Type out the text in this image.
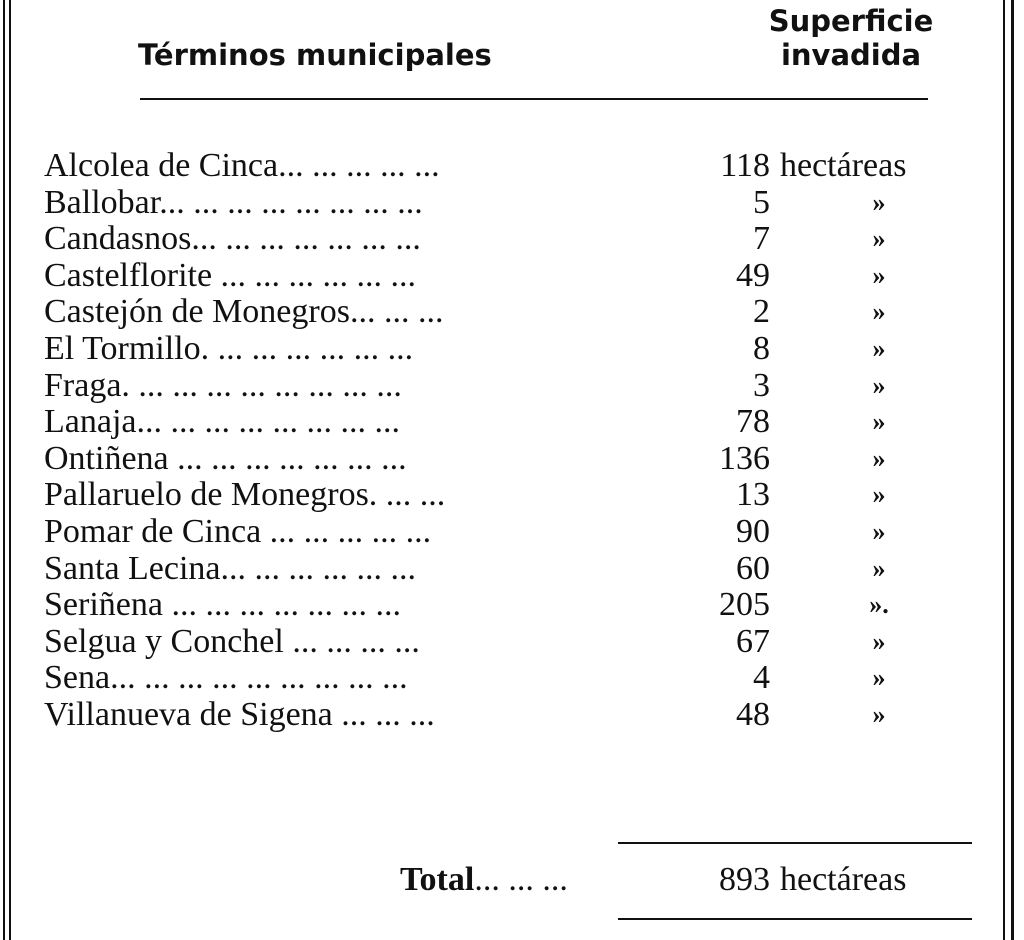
Términos municipales
Superficie
invadida
Alcolea de Cinca... ... ... ... ...	118 hectáreas
Ballobar... ... ... ... ... ... ... ...	5	»
Candasnos... ... ... ... ... ... ...	7	»
Castelflorite ... ... ... ... ... ...	49	»
Castejón de Monegros... ... ...	2	»
El Tormillo. ... ... ... ... ... ...	8	»
Fraga. ... ... ... ... ... ... ... ...	3	»
Lanaja... ... ... ... ... ... ... ...	78	»
Ontiñena ... ... ... ... ... ... ...	136	»
Pallaruelo de Monegros. ... ...	13	»
Pomar de Cinca ... ... ... ... ...	90	»
Santa Lecina... ... ... ... ... ...	60	»
Seriñena ... ... ... ... ... ... ...	205	».
Selgua y Conchel ... ... ... ...	67	»
Sena... ... ... ... ... ... ... ... ...	4	»
Villanueva de Sigena ... ... ...	48	»
Total... ... ...	893 hectáreas
